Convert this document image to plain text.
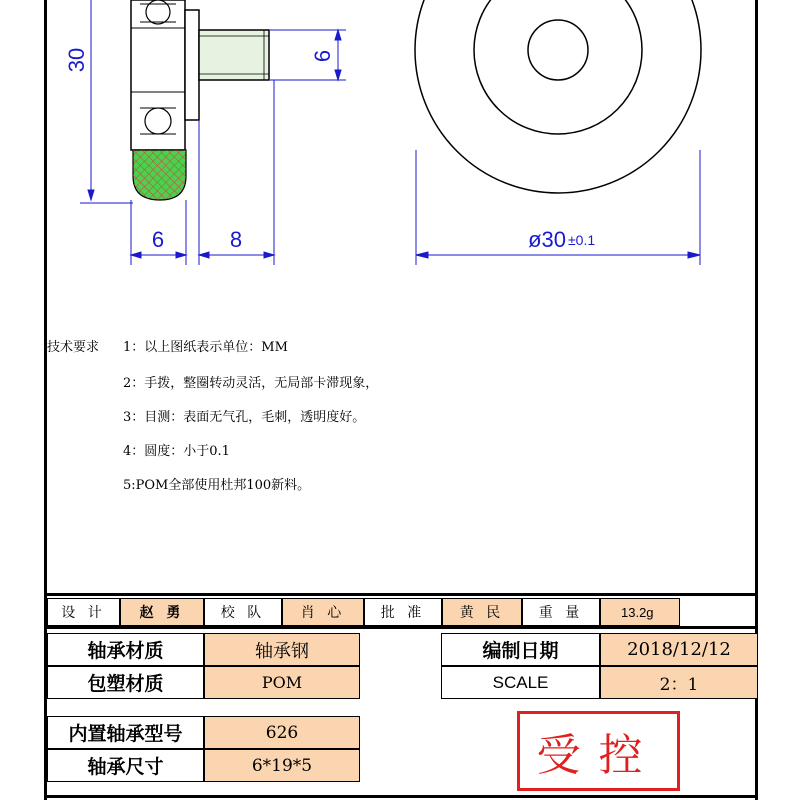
30	6
6	8	ø30 ±0.1
技术要求 1：以上图纸表示单位：MM
2：手拨，整圈转动灵活，无局部卡滞现象，
3：目测：表面无气孔，毛刺，透明度好。
4：圆度：小于0.1
5:POM全部使用杜邦100新料。
设 计	赵 勇	校 队	肖 心	批 准	黄 民	重 量	13.2g
轴承材质	轴承钢	编制日期	2018/12/12
包塑材质	POM	SCALE	2：1
内置轴承型号	626
轴承尺寸	6*19*5	受控
